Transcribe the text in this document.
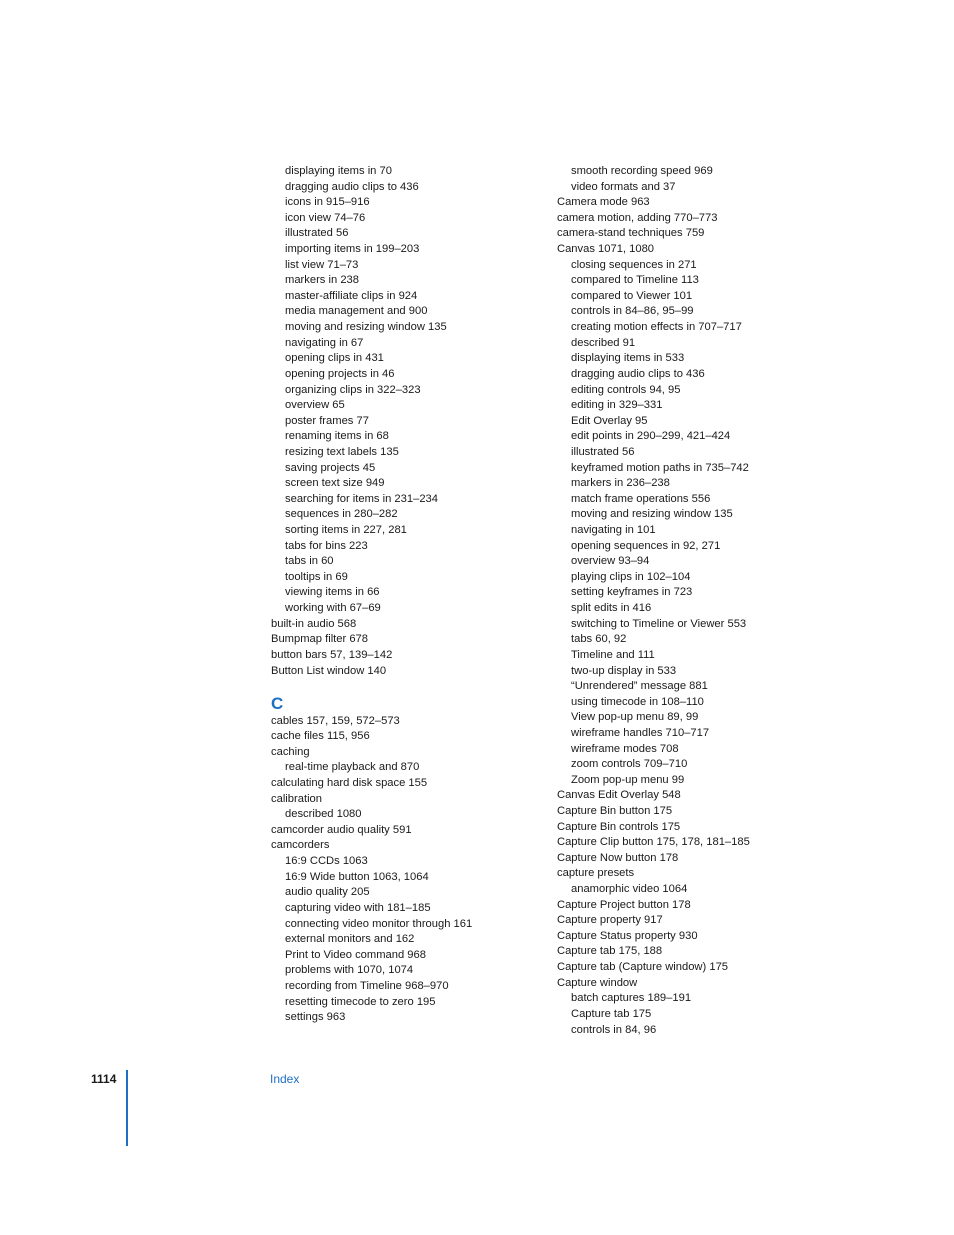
displaying items in 70
dragging audio clips to 436
icons in 915–916
icon view 74–76
illustrated 56
importing items in 199–203
list view 71–73
markers in 238
master-affiliate clips in 924
media management and 900
moving and resizing window 135
navigating in 67
opening clips in 431
opening projects in 46
organizing clips in 322–323
overview 65
poster frames 77
renaming items in 68
resizing text labels 135
saving projects 45
screen text size 949
searching for items in 231–234
sequences in 280–282
sorting items in 227, 281
tabs for bins 223
tabs in 60
tooltips in 69
viewing items in 66
working with 67–69
built-in audio 568
Bumpmap filter 678
button bars 57, 139–142
Button List window 140
C
cables 157, 159, 572–573
cache files 115, 956
caching
real-time playback and 870
calculating hard disk space 155
calibration
described 1080
camcorder audio quality 591
camcorders
16:9 CCDs 1063
16:9 Wide button 1063, 1064
audio quality 205
capturing video with 181–185
connecting video monitor through 161
external monitors and 162
Print to Video command 968
problems with 1070, 1074
recording from Timeline 968–970
resetting timecode to zero 195
settings 963
smooth recording speed 969
video formats and 37
Camera mode 963
camera motion, adding 770–773
camera-stand techniques 759
Canvas 1071, 1080
closing sequences in 271
compared to Timeline 113
compared to Viewer 101
controls in 84–86, 95–99
creating motion effects in 707–717
described 91
displaying items in 533
dragging audio clips to 436
editing controls 94, 95
editing in 329–331
Edit Overlay 95
edit points in 290–299, 421–424
illustrated 56
keyframed motion paths in 735–742
markers in 236–238
match frame operations 556
moving and resizing window 135
navigating in 101
opening sequences in 92, 271
overview 93–94
playing clips in 102–104
setting keyframes in 723
split edits in 416
switching to Timeline or Viewer 553
tabs 60, 92
Timeline and 111
two-up display in 533
“Unrendered” message 881
using timecode in 108–110
View pop-up menu 89, 99
wireframe handles 710–717
wireframe modes 708
zoom controls 709–710
Zoom pop-up menu 99
Canvas Edit Overlay 548
Capture Bin button 175
Capture Bin controls 175
Capture Clip button 175, 178, 181–185
Capture Now button 178
capture presets
anamorphic video 1064
Capture Project button 178
Capture property 917
Capture Status property 930
Capture tab 175, 188
Capture tab (Capture window) 175
Capture window
batch captures 189–191
Capture tab 175
controls in 84, 96
1114	Index
